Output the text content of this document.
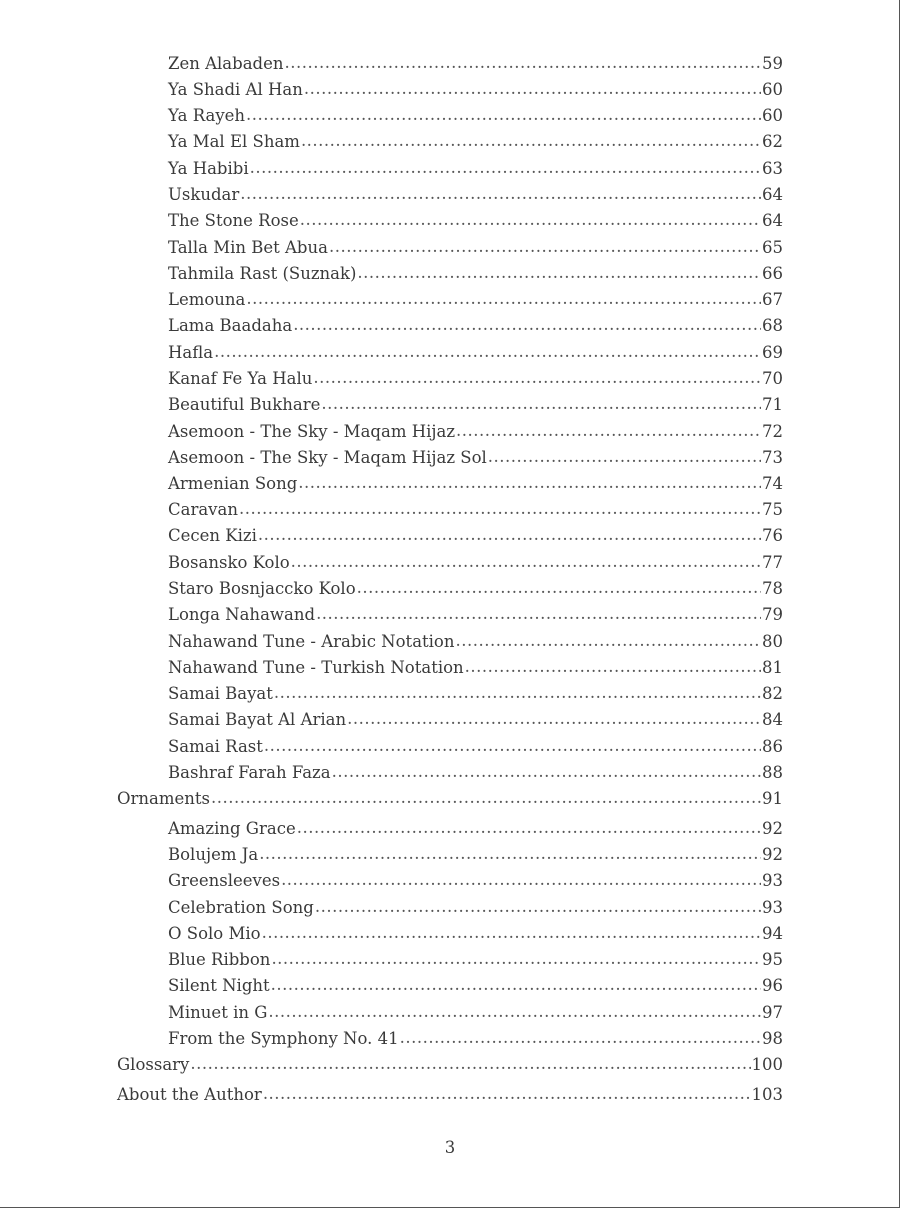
Zen Alabaden .....	59
Ya Shadi Al Han .....	60
Ya Rayeh .....	60
Ya Mal El Sham .....	62
Ya Habibi .....	63
Uskudar .....	64
The Stone Rose .....	64
Talla Min Bet Abua .....	65
Tahmila Rast (Suznak) .....	66
Lemouna .....	67
Lama Baadaha .....	68
Hafla .....	69
Kanaf Fe Ya Halu .....	70
Beautiful Bukhare .....	71
Asemoon - The Sky - Maqam Hijaz .....	72
Asemoon - The Sky - Maqam Hijaz Sol .....	73
Armenian Song .....	74
Caravan .....	75
Cecen Kizi .....	76
Bosansko Kolo .....	77
Staro Bosnjaccko Kolo .....	78
Longa Nahawand .....	79
Nahawand Tune - Arabic Notation .....	80
Nahawand Tune - Turkish Notation .....	81
Samai Bayat .....	82
Samai Bayat Al Arian .....	84
Samai Rast .....	86
Bashraf Farah Faza .....	88
Ornaments .....	91
Amazing Grace .....	92
Bolujem Ja .....	92
Greensleeves .....	93
Celebration Song .....	93
O Solo Mio .....	94
Blue Ribbon .....	95
Silent Night .....	96
Minuet in G .....	97
From the Symphony No. 41 .....	98
Glossary .....	100
About the Author .....	103
3
